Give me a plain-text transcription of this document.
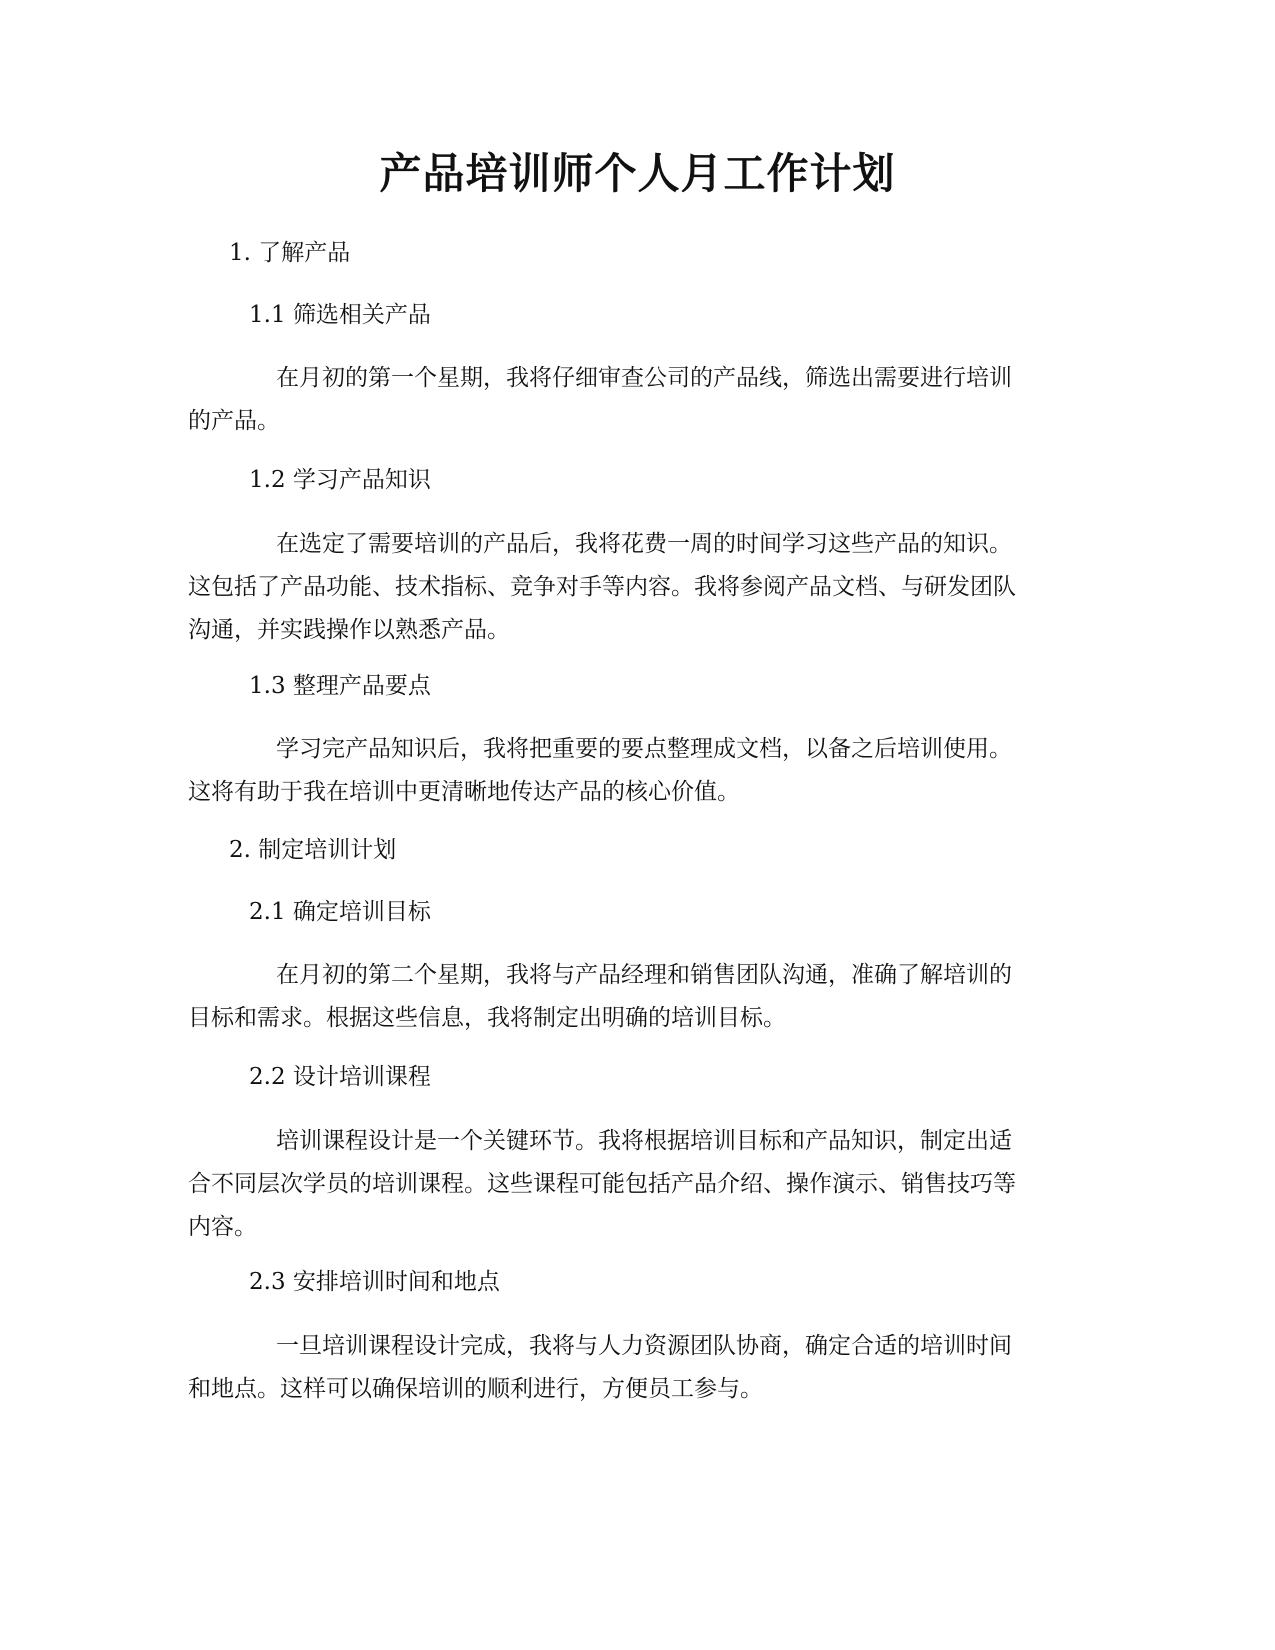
产品培训师个人月工作计划
1. 了解产品
1.1 筛选相关产品
在月初的第一个星期，我将仔细审查公司的产品线，筛选出需要进行培训
的产品。
1.2 学习产品知识
在选定了需要培训的产品后，我将花费一周的时间学习这些产品的知识。
这包括了产品功能、技术指标、竞争对手等内容。我将参阅产品文档、与研发团队
沟通，并实践操作以熟悉产品。
1.3 整理产品要点
学习完产品知识后，我将把重要的要点整理成文档，以备之后培训使用。
这将有助于我在培训中更清晰地传达产品的核心价值。
2. 制定培训计划
2.1 确定培训目标
在月初的第二个星期，我将与产品经理和销售团队沟通，准确了解培训的
目标和需求。根据这些信息，我将制定出明确的培训目标。
2.2 设计培训课程
培训课程设计是一个关键环节。我将根据培训目标和产品知识，制定出适
合不同层次学员的培训课程。这些课程可能包括产品介绍、操作演示、销售技巧等
内容。
2.3 安排培训时间和地点
一旦培训课程设计完成，我将与人力资源团队协商，确定合适的培训时间
和地点。这样可以确保培训的顺利进行，方便员工参与。
